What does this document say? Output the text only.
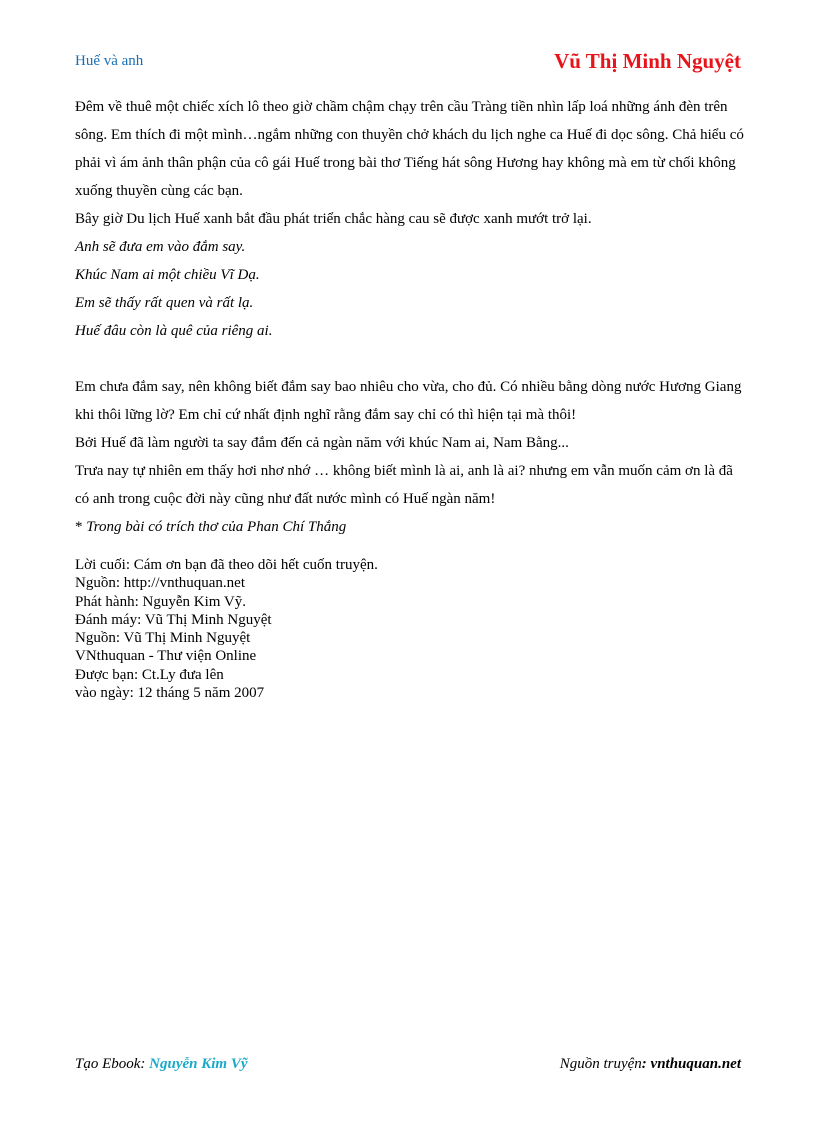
Huế và anh	Vũ Thị Minh Nguyệt

Đêm về thuê một chiếc xích lô theo giờ chầm chậm chạy trên cầu Tràng tiền nhìn lấp loá những ánh đèn trên sông. Em thích đi một mình…ngắm những con thuyền chở khách du lịch nghe ca Huế đi dọc sông. Chả hiểu có phải vì ám ảnh thân phận của cô gái Huế trong bài thơ Tiếng hát sông Hương hay không mà em từ chối không xuống thuyền cùng các bạn.

Bây giờ Du lịch Huế xanh bắt đầu phát triển chắc hàng cau sẽ được xanh mướt trở lại.

Anh sẽ đưa em vào đắm say.

Khúc Nam ai một chiều Vĩ Dạ.

Em sẽ thấy rất quen và rất lạ.

Huế đâu còn là quê của riêng ai.

Em chưa đắm say, nên không biết đắm say bao nhiêu cho vừa, cho đủ. Có nhiều bằng dòng nước Hương Giang khi thôi lững lờ? Em chỉ cứ nhất định nghĩ rằng đắm say chỉ có thì hiện tại mà thôi!

Bởi Huế đã làm người ta say đắm đến cả ngàn năm với khúc Nam ai, Nam Bằng...

Trưa nay tự nhiên em thấy hơi nhơ nhớ … không biết mình là ai, anh là ai? nhưng em vẫn muốn cảm ơn là đã có anh trong cuộc đời này cũng như đất nước mình có Huế ngàn năm!

* Trong bài có trích thơ của Phan Chí Thắng

Lời cuối: Cám ơn bạn đã theo dõi hết cuốn truyện.
Nguồn: http://vnthuquan.net
Phát hành: Nguyễn Kim Vỹ.
Đánh máy: Vũ Thị Minh Nguyệt
Nguồn: Vũ Thị Minh Nguyệt
VNthuquan - Thư viện Online
Được bạn: Ct.Ly đưa lên
vào ngày: 12 tháng 5 năm 2007
Tạo Ebook: Nguyễn Kim Vỹ	Nguồn truyện: vnthuquan.net
